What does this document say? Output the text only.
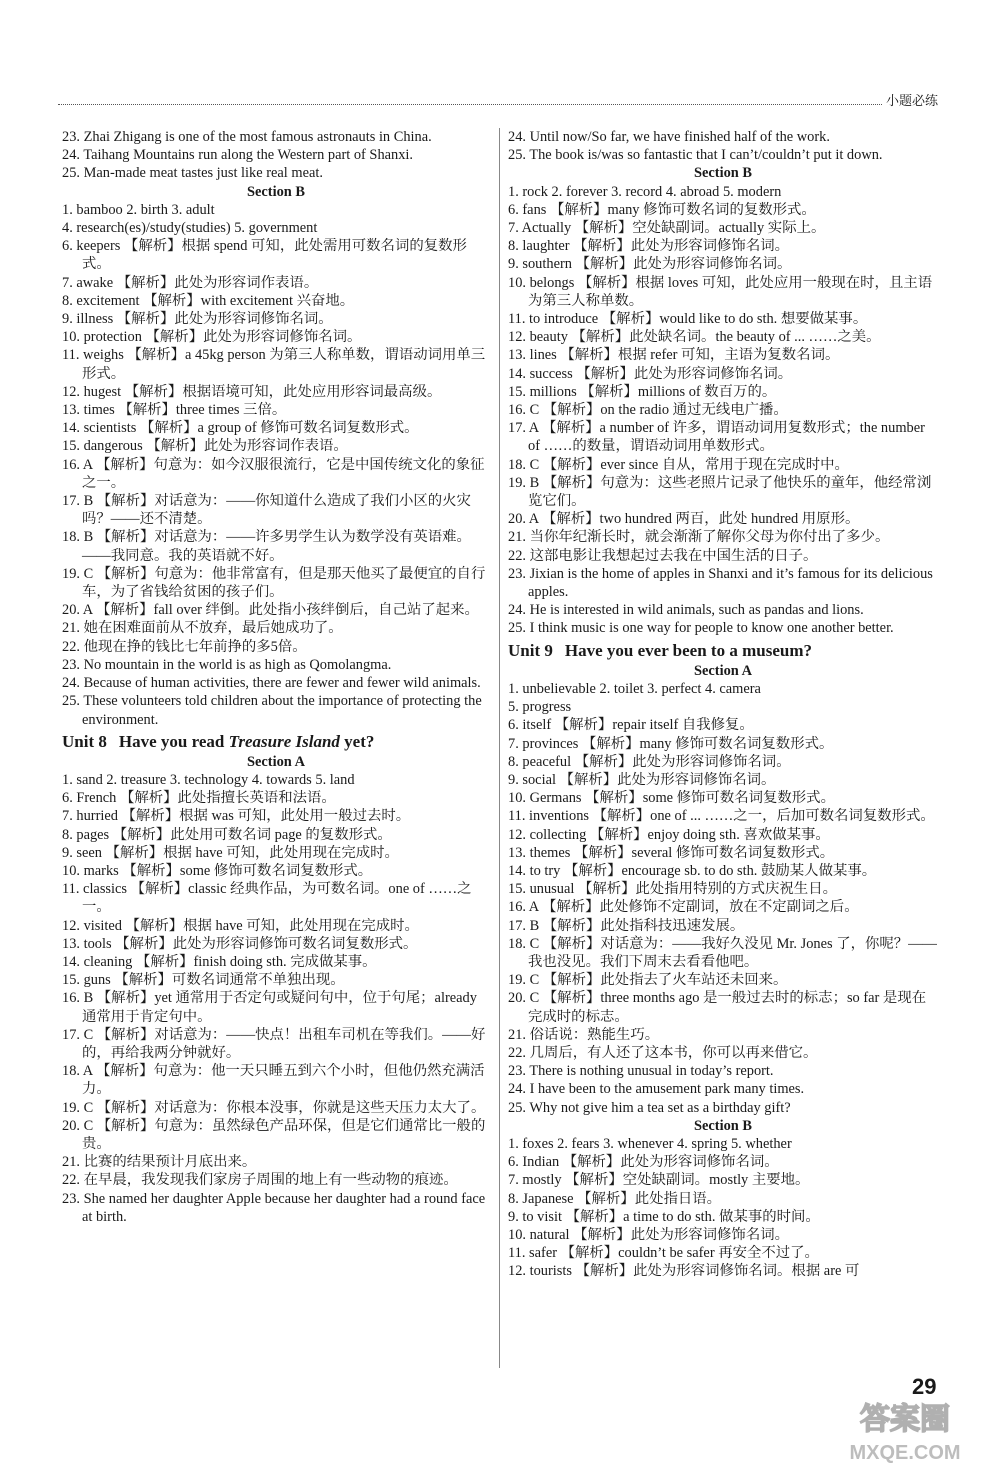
小题必练

23. Zhai Zhigang is one of the most famous astronauts in China.

24. Taihang Mountains run along the Western part of Shanxi.

25. Man-made meat tastes just like real meat.

Section B

1. bamboo 2. birth 3. adult

4. research(es)/study(studies) 5. government

6. keepers 【解析】根据 spend 可知，此处需用可数名词的复数形式。

7. awake 【解析】此处为形容词作表语。

8. excitement 【解析】with excitement 兴奋地。

9. illness 【解析】此处为形容词修饰名词。

10. protection 【解析】此处为形容词修饰名词。

11. weighs 【解析】a 45kg person 为第三人称单数，谓语动词用单三形式。

12. hugest 【解析】根据语境可知，此处应用形容词最高级。

13. times 【解析】three times 三倍。

14. scientists 【解析】a group of 修饰可数名词复数形式。

15. dangerous 【解析】此处为形容词作表语。

16. A 【解析】句意为：如今汉服很流行，它是中国传统文化的象征之一。

17. B 【解析】对话意为：——你知道什么造成了我们小区的火灾吗？——还不清楚。

18. B 【解析】对话意为：——许多男学生认为数学没有英语难。——我同意。我的英语就不好。

19. C 【解析】句意为：他非常富有，但是那天他买了最便宜的自行车，为了省钱给贫困的孩子们。

20. A 【解析】fall over 绊倒。此处指小孩绊倒后，自己站了起来。

21. 她在困难面前从不放弃，最后她成功了。

22. 他现在挣的钱比七年前挣的多5倍。

23. No mountain in the world is as high as Qomolangma.

24. Because of human activities, there are fewer and fewer wild animals.

25. These volunteers told children about the importance of protecting the environment.

Unit 8 Have you read Treasure Island yet?

Section A

1. sand 2. treasure 3. technology 4. towards 5. land

6. French 【解析】此处指擅长英语和法语。

7. hurried 【解析】根据 was 可知，此处用一般过去时。

8. pages 【解析】此处用可数名词 page 的复数形式。

9. seen 【解析】根据 have 可知，此处用现在完成时。

10. marks 【解析】some 修饰可数名词复数形式。

11. classics 【解析】classic 经典作品，为可数名词。one of ……之一。

12. visited 【解析】根据 have 可知，此处用现在完成时。

13. tools 【解析】此处为形容词修饰可数名词复数形式。

14. cleaning 【解析】finish doing sth. 完成做某事。

15. guns 【解析】可数名词通常不单独出现。

16. B 【解析】yet 通常用于否定句或疑问句中，位于句尾；already 通常用于肯定句中。

17. C 【解析】对话意为：——快点！出租车司机在等我们。——好的，再给我两分钟就好。

18. A 【解析】句意为：他一天只睡五到六个小时，但他仍然充满活力。

19. C 【解析】对话意为：你根本没事，你就是这些天压力太大了。

20. C 【解析】句意为：虽然绿色产品环保，但是它们通常比一般的贵。

21. 比赛的结果预计月底出来。

22. 在早晨，我发现我们家房子周围的地上有一些动物的痕迹。

23. She named her daughter Apple because her daughter had a round face at birth.

24. Until now/So far, we have finished half of the work.

25. The book is/was so fantastic that I can’t/couldn’t put it down.

Section B

1. rock 2. forever 3. record 4. abroad 5. modern

6. fans 【解析】many 修饰可数名词的复数形式。

7. Actually 【解析】空处缺副词。actually 实际上。

8. laughter 【解析】此处为形容词修饰名词。

9. southern 【解析】此处为形容词修饰名词。

10. belongs 【解析】根据 loves 可知，此处应用一般现在时，且主语为第三人称单数。

11. to introduce 【解析】would like to do sth. 想要做某事。

12. beauty 【解析】此处缺名词。the beauty of ... ……之美。

13. lines 【解析】根据 refer 可知，主语为复数名词。

14. success 【解析】此处为形容词修饰名词。

15. millions 【解析】millions of 数百万的。

16. C 【解析】on the radio 通过无线电广播。

17. A 【解析】a number of 许多，谓语动词用复数形式；the number of ……的数量，谓语动词用单数形式。

18. C 【解析】ever since 自从，常用于现在完成时中。

19. B 【解析】句意为：这些老照片记录了他快乐的童年，他经常浏览它们。

20. A 【解析】two hundred 两百，此处 hundred 用原形。

21. 当你年纪渐长时，就会渐渐了解你父母为你付出了多少。

22. 这部电影让我想起过去我在中国生活的日子。

23. Jixian is the home of apples in Shanxi and it’s famous for its delicious apples.

24. He is interested in wild animals, such as pandas and lions.

25. I think music is one way for people to know one another better.

Unit 9 Have you ever been to a museum?

Section A

1. unbelievable 2. toilet 3. perfect 4. camera

5. progress

6. itself 【解析】repair itself 自我修复。

7. provinces 【解析】many 修饰可数名词复数形式。

8. peaceful 【解析】此处为形容词修饰名词。

9. social 【解析】此处为形容词修饰名词。

10. Germans 【解析】some 修饰可数名词复数形式。

11. inventions 【解析】one of ... ……之一，后加可数名词复数形式。

12. collecting 【解析】enjoy doing sth. 喜欢做某事。

13. themes 【解析】several 修饰可数名词复数形式。

14. to try 【解析】encourage sb. to do sth. 鼓励某人做某事。

15. unusual 【解析】此处指用特别的方式庆祝生日。

16. A 【解析】此处修饰不定副词，放在不定副词之后。

17. B 【解析】此处指科技迅速发展。

18. C 【解析】对话意为：——我好久没见 Mr. Jones 了，你呢？——我也没见。我们下周末去看看他吧。

19. C 【解析】此处指去了火车站还未回来。

20. C 【解析】three months ago 是一般过去时的标志；so far 是现在完成时的标志。

21. 俗话说：熟能生巧。

22. 几周后，有人还了这本书，你可以再来借它。

23. There is nothing unusual in today’s report.

24. I have been to the amusement park many times.

25. Why not give him a tea set as a birthday gift?

Section B

1. foxes 2. fears 3. whenever 4. spring 5. whether

6. Indian 【解析】此处为形容词修饰名词。

7. mostly 【解析】空处缺副词。mostly 主要地。

8. Japanese 【解析】此处指日语。

9. to visit 【解析】a time to do sth. 做某事的时间。

10. natural 【解析】此处为形容词修饰名词。

11. safer 【解析】couldn’t be safer 再安全不过了。

12. tourists 【解析】此处为形容词修饰名词。根据 are 可

29
答案圈
MXQE.COM
